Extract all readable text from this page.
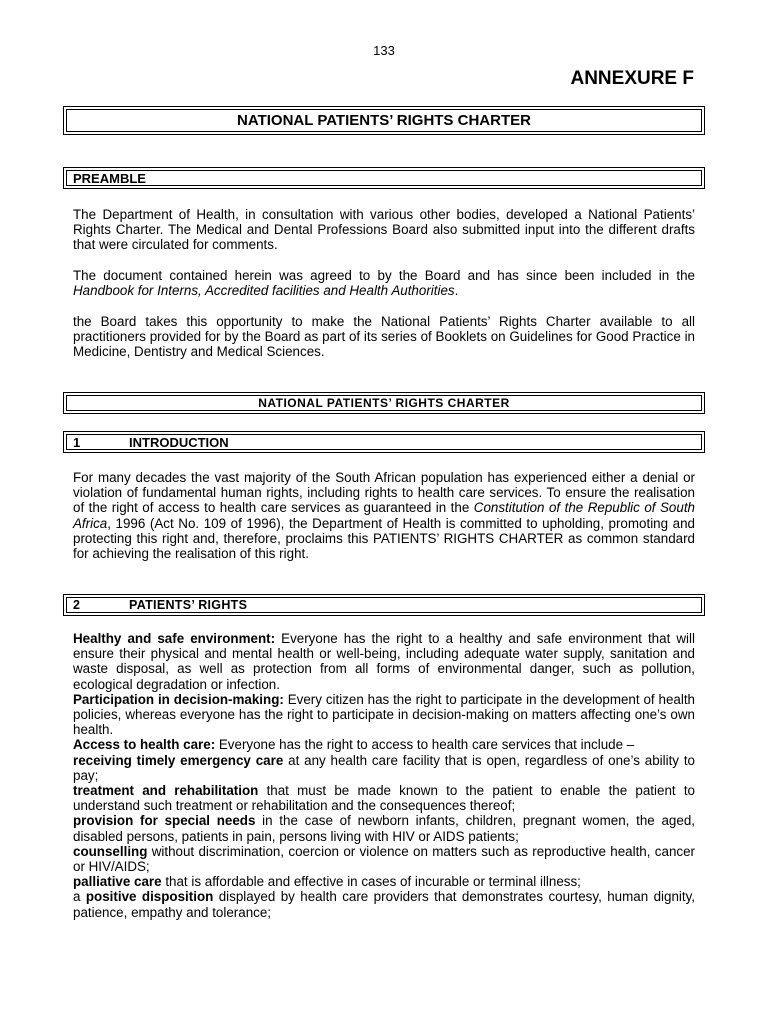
133
ANNEXURE F
NATIONAL PATIENTS’ RIGHTS CHARTER
PREAMBLE
The Department of Health, in consultation with various other bodies, developed a National Patients’ Rights Charter. The Medical and Dental Professions Board also submitted input into the different drafts that were circulated for comments.
The document contained herein was agreed to by the Board and has since been included in the Handbook for Interns, Accredited facilities and Health Authorities.
the Board takes this opportunity to make the National Patients’ Rights Charter available to all practitioners provided for by the Board as part of its series of Booklets on Guidelines for Good Practice in Medicine, Dentistry and Medical Sciences.
NATIONAL PATIENTS’ RIGHTS CHARTER
1	INTRODUCTION
For many decades the vast majority of the South African population has experienced either a denial or violation of fundamental human rights, including rights to health care services. To ensure the realisation of the right of access to health care services as guaranteed in the Constitution of the Republic of South Africa, 1996 (Act No. 109 of 1996), the Department of Health is committed to upholding, promoting and protecting this right and, therefore, proclaims this PATIENTS’ RIGHTS CHARTER as common standard for achieving the realisation of this right.
2	PATIENTS’ RIGHTS

Healthy and safe environment: Everyone has the right to a healthy and safe environment that will ensure their physical and mental health or well-being, including adequate water supply, sanitation and waste disposal, as well as protection from all forms of environmental danger, such as pollution, ecological degradation or infection.

Participation in decision-making: Every citizen has the right to participate in the development of health policies, whereas everyone has the right to participate in decision-making on matters affecting one’s own health.

Access to health care: Everyone has the right to access to health care services that include –

receiving timely emergency care at any health care facility that is open, regardless of one’s ability to pay;

treatment and rehabilitation that must be made known to the patient to enable the patient to understand such treatment or rehabilitation and the consequences thereof;

provision for special needs in the case of newborn infants, children, pregnant women, the aged, disabled persons, patients in pain, persons living with HIV or AIDS patients;

counselling without discrimination, coercion or violence on matters such as reproductive health, cancer or HIV/AIDS;

palliative care that is affordable and effective in cases of incurable or terminal illness;

a positive disposition displayed by health care providers that demonstrates courtesy, human dignity, patience, empathy and tolerance;
